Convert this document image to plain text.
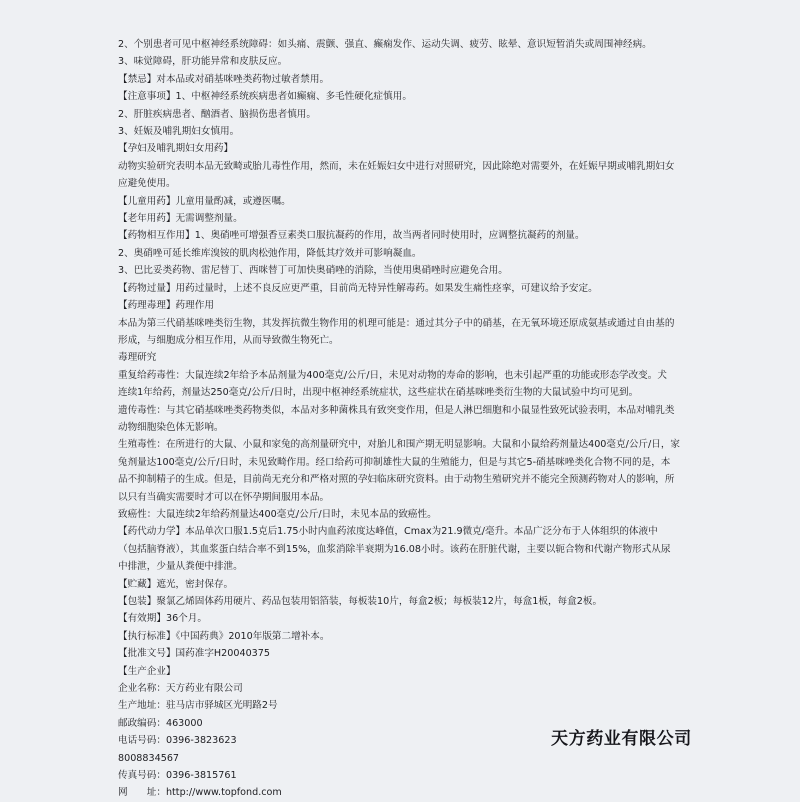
2、个别患者可见中枢神经系统障碍：如头痛、震颤、强直、癫痫发作、运动失调、疲劳、眩晕、意识短暂消失或周围神经病。
3、味觉障碍，肝功能异常和皮肤反应。
【禁忌】对本品或对硝基咪唑类药物过敏者禁用。
【注意事项】1、中枢神经系统疾病患者如癫痫、多毛性硬化症慎用。
2、肝脏疾病患者、酗酒者、脑损伤患者慎用。
3、妊娠及哺乳期妇女慎用。
【孕妇及哺乳期妇女用药】
动物实验研究表明本品无致畸或胎儿毒性作用，然而，未在妊娠妇女中进行对照研究，因此除绝对需要外，在妊娠早期或哺乳期妇女
应避免使用。
【儿童用药】儿童用量酌减，或遵医嘱。
【老年用药】无需调整剂量。
【药物相互作用】1、奥硝唑可增强香豆素类口服抗凝药的作用，故当两者同时使用时，应调整抗凝药的剂量。
2、奥硝唑可延长维库溴铵的肌肉松弛作用，降低其疗效并可影响凝血。
3、巴比妥类药物、雷尼替丁、西咪替丁可加快奥硝唑的消除，当使用奥硝唑时应避免合用。
【药物过量】用药过量时，上述不良反应更严重，目前尚无特异性解毒药。如果发生痛性痉挛，可建议给予安定。
【药理毒理】药理作用
本品为第三代硝基咪唑类衍生物，其发挥抗微生物作用的机理可能是：通过其分子中的硝基，在无氧环境还原成氨基或通过自由基的
形成，与细胞成分相互作用，从而导致微生物死亡。
毒理研究
重复给药毒性：大鼠连续2年给予本品剂量为400毫克/公斤/日，未见对动物的寿命的影响，也未引起严重的功能或形态学改变。犬
连续1年给药，剂量达250毫克/公斤/日时，出现中枢神经系统症状，这些症状在硝基咪唑类衍生物的大鼠试验中均可见到。
遗传毒性：与其它硝基咪唑类药物类似，本品对多种菌株具有致突变作用，但是人淋巴细胞和小鼠显性致死试验表明，本品对哺乳类
动物细胞染色体无影响。
生殖毒性：在所进行的大鼠、小鼠和家兔的高剂量研究中，对胎儿和围产期无明显影响。大鼠和小鼠给药剂量达400毫克/公斤/日，家
兔剂量达100毫克/公斤/日时，未见致畸作用。经口给药可抑制雄性大鼠的生殖能力，但是与其它5-硝基咪唑类化合物不同的是，本
品不抑制精子的生成。但是，目前尚无充分和严格对照的孕妇临床研究资料。由于动物生殖研究并不能完全预测药物对人的影响，所
以只有当确实需要时才可以在怀孕期间服用本品。
致癌性：大鼠连续2年给药剂量达400毫克/公斤/日时，未见本品的致癌性。
【药代动力学】本品单次口服1.5克后1.75小时内血药浓度达峰值，Cmax为21.9微克/毫升。本品广泛分布于人体组织的体液中
（包括脑脊液），其血浆蛋白结合率不到15%，血浆消除半衰期为16.08小时。该药在肝脏代谢，主要以轭合物和代谢产物形式从尿
中排泄，少量从粪便中排泄。
【贮藏】遮光，密封保存。
【包装】聚氯乙烯固体药用硬片、药品包装用铝箔装，每板装10片，每盒2板；每板装12片，每盒1板，每盒2板。
【有效期】36个月。
【执行标准】《中国药典》2010年版第二增补本。
【批准文号】国药准字H20040375
【生产企业】
企业名称：天方药业有限公司
生产地址：驻马店市驿城区光明路2号
邮政编码：463000
电话号码：0396-3823623
8008834567
传真号码：0396-3815761
网　　址：http://www.topfond.com
天方药业有限公司
